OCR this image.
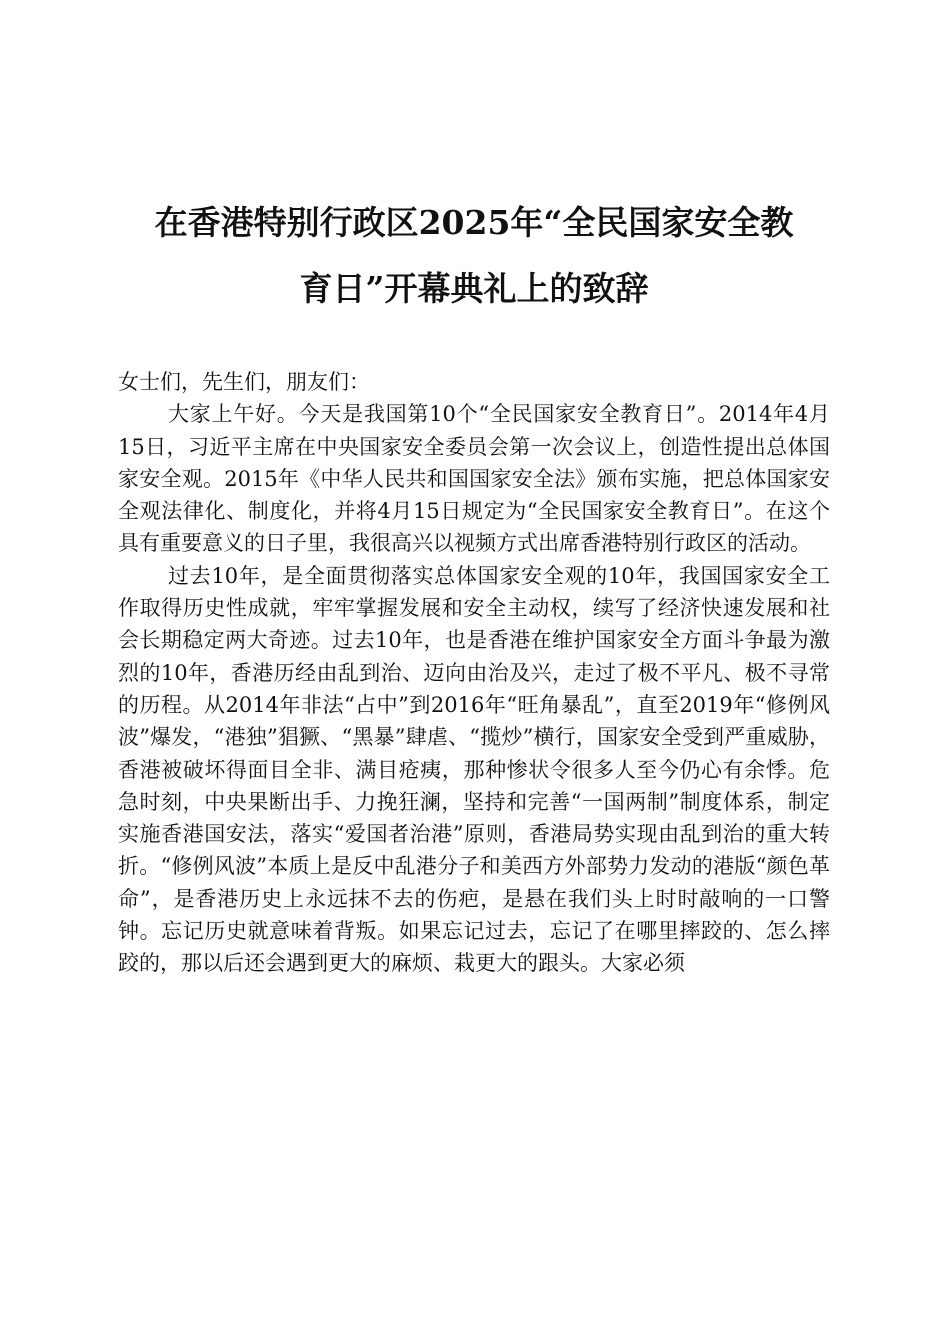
在香港特别行政区2025年“全民国家安全教
育日”开幕典礼上的致辞

女士们，先生们，朋友们：

大家上午好。今天是我国第10个“全民国家安全教育日”。2014年4月15日，习近平主席在中央国家安全委员会第一次会议上，创造性提出总体国家安全观。2015年《中华人民共和国国家安全法》颁布实施，把总体国家安全观法律化、制度化，并将4月15日规定为“全民国家安全教育日”。在这个具有重要意义的日子里，我很高兴以视频方式出席香港特别行政区的活动。

过去10年，是全面贯彻落实总体国家安全观的10年，我国国家安全工作取得历史性成就，牢牢掌握发展和安全主动权，续写了经济快速发展和社会长期稳定两大奇迹。过去10年，也是香港在维护国家安全方面斗争最为激烈的10年，香港历经由乱到治、迈向由治及兴，走过了极不平凡、极不寻常的历程。从2014年非法“占中”到2016年“旺角暴乱”，直至2019年“修例风波”爆发，“港独”猖獗、“黑暴”肆虐、“揽炒”横行，国家安全受到严重威胁，香港被破坏得面目全非、满目疮痍，那种惨状令很多人至今仍心有余悸。危急时刻，中央果断出手、力挽狂澜，坚持和完善“一国两制”制度体系，制定实施香港国安法，落实“爱国者治港”原则，香港局势实现由乱到治的重大转折。“修例风波”本质上是反中乱港分子和美西方外部势力发动的港版“颜色革命”，是香港历史上永远抹不去的伤疤，是悬在我们头上时时敲响的一口警钟。忘记历史就意味着背叛。如果忘记过去，忘记了在哪里摔跤的、怎么摔跤的，那以后还会遇到更大的麻烦、栽更大的跟头。大家必须
